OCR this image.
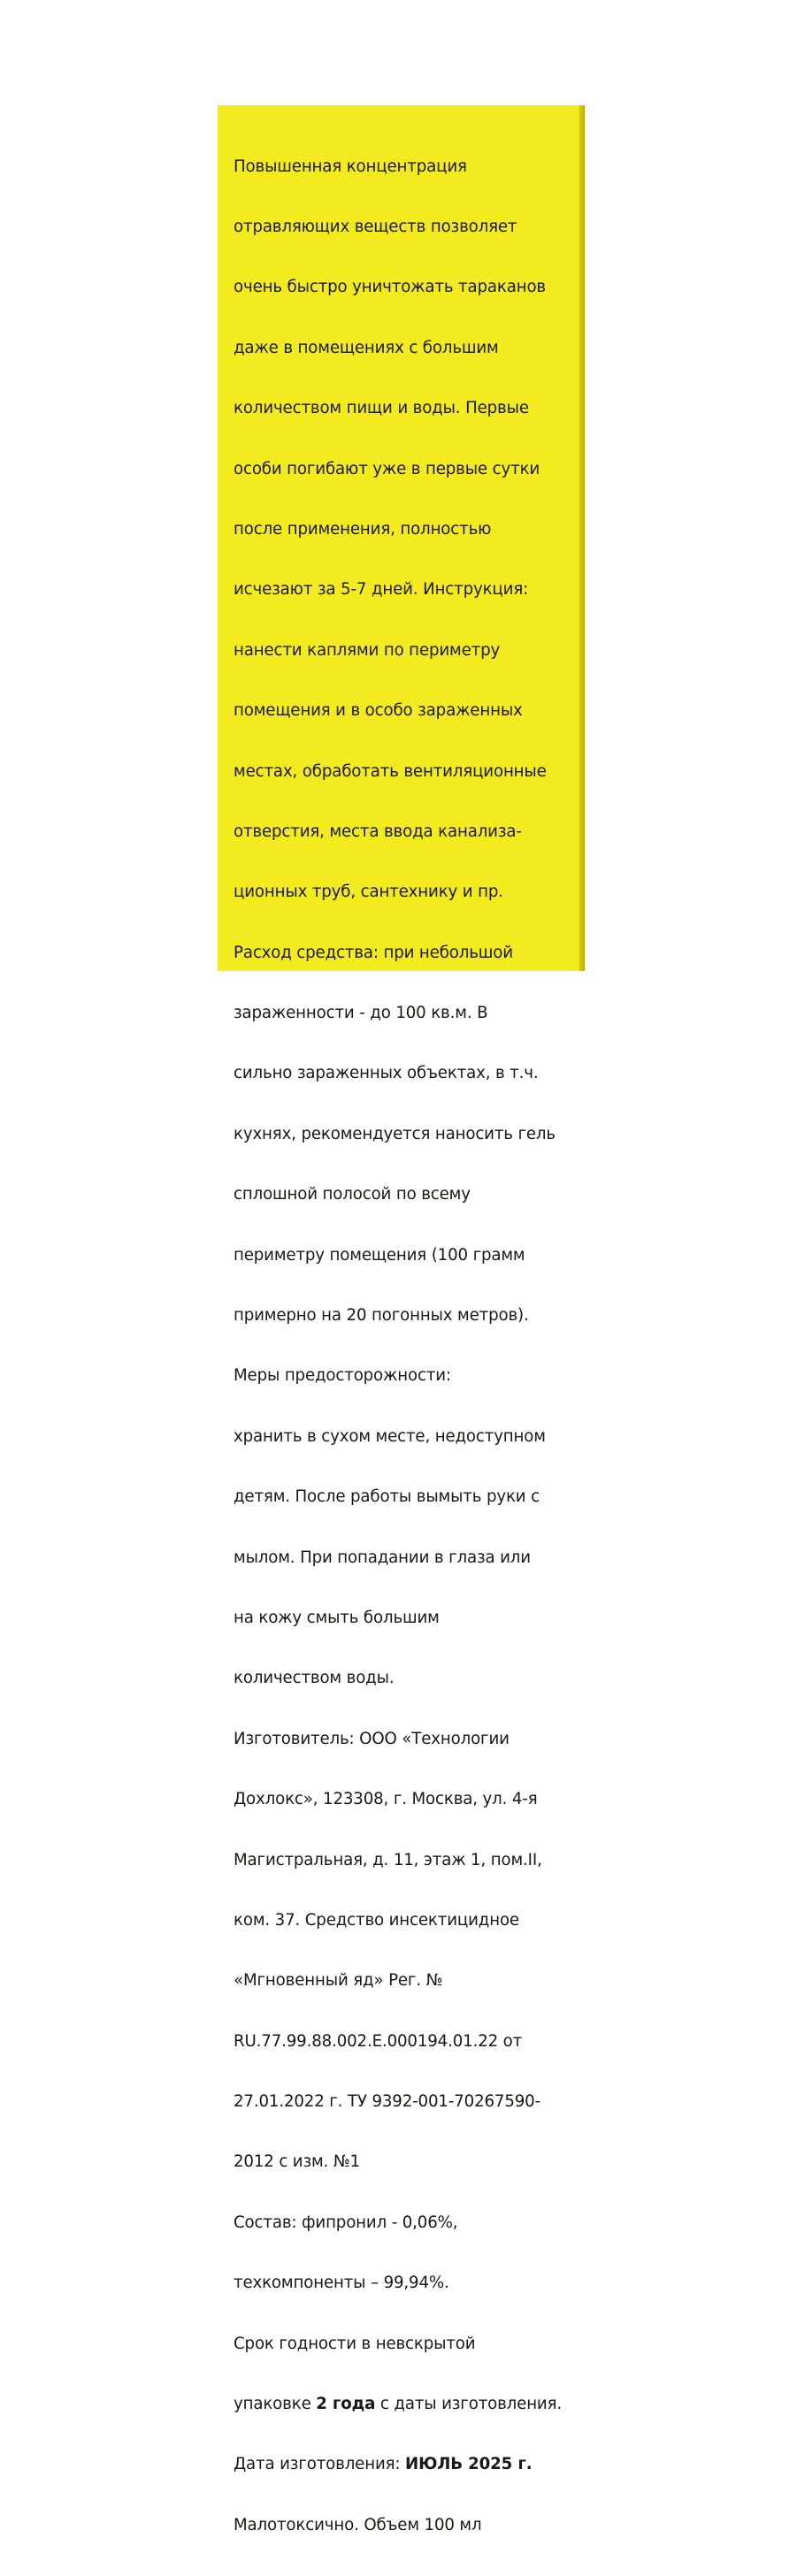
Повышенная концентрация

отравляющих веществ позволяет

очень быстро уничтожать тараканов

даже в помещениях с большим

количеством пищи и воды. Первые

особи погибают уже в первые сутки

после применения, полностью

исчезают за 5-7 дней. Инструкция:

нанести каплями по периметру

помещения и в особо зараженных

местах, обработать вентиляционные

отверстия, места ввода канализа-

ционных труб, сантехнику и пр.

Расход средства: при небольшой

зараженности - до 100 кв.м. В

сильно зараженных объектах, в т.ч.

кухнях, рекомендуется наносить гель

сплошной полосой по всему

периметру помещения (100 грамм

примерно на 20 погонных метров).

Меры предосторожности:

хранить в сухом месте, недоступном

детям. После работы вымыть руки с

мылом. При попадании в глаза или

на кожу смыть большим

количеством воды.

Изготовитель: ООО «Технологии

Дохлокс», 123308, г. Москва, ул. 4-я

Магистральная, д. 11, этаж 1, пом.II,

ком. 37. Средство инсектицидное

«Мгновенный яд» Рег. №

RU.77.99.88.002.Е.000194.01.22 от

27.01.2022 г. ТУ 9392-001-70267590-

2012 с изм. №1

Состав: фипронил - 0,06%,

техкомпоненты – 99,94%.

Срок годности в невскрытой

упаковке 2 года с даты изготовления.

Дата изготовления: ИЮЛЬ 2025 г.

Малотоксично. Объем 100 мл
